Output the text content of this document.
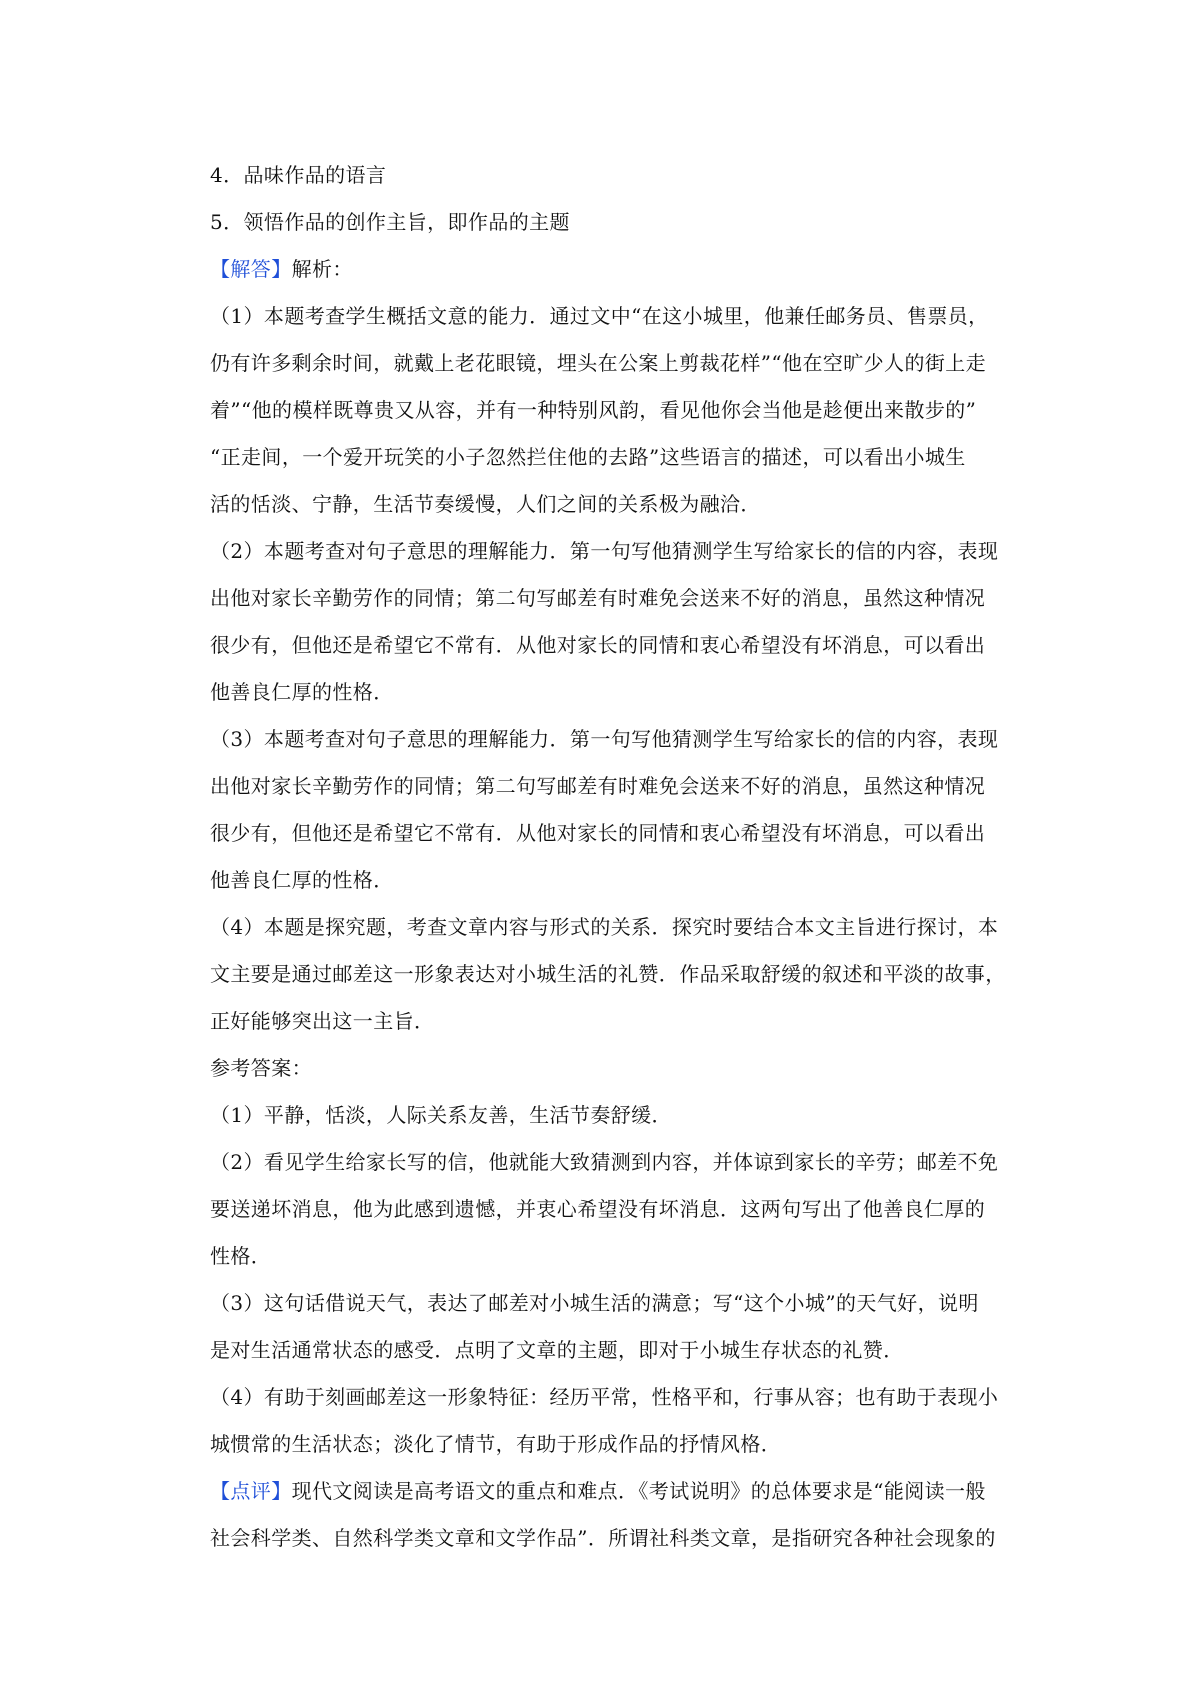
4．品味作品的语言
5．领悟作品的创作主旨，即作品的主题
【解答】解析：
（1）本题考查学生概括文意的能力．通过文中“在这小城里，他兼任邮务员、售票员，
仍有许多剩余时间，就戴上老花眼镜，埋头在公案上剪裁花样”“他在空旷少人的街上走
着”“他的模样既尊贵又从容，并有一种特别风韵，看见他你会当他是趁便出来散步的”
“正走间，一个爱开玩笑的小子忽然拦住他的去路”这些语言的描述，可以看出小城生
活的恬淡、宁静，生活节奏缓慢，人们之间的关系极为融洽．
（2）本题考查对句子意思的理解能力．第一句写他猜测学生写给家长的信的内容，表现
出他对家长辛勤劳作的同情；第二句写邮差有时难免会送来不好的消息，虽然这种情况
很少有，但他还是希望它不常有．从他对家长的同情和衷心希望没有坏消息，可以看出
他善良仁厚的性格．
（3）本题考查对句子意思的理解能力．第一句写他猜测学生写给家长的信的内容，表现
出他对家长辛勤劳作的同情；第二句写邮差有时难免会送来不好的消息，虽然这种情况
很少有，但他还是希望它不常有．从他对家长的同情和衷心希望没有坏消息，可以看出
他善良仁厚的性格．
（4）本题是探究题，考查文章内容与形式的关系．探究时要结合本文主旨进行探讨，本
文主要是通过邮差这一形象表达对小城生活的礼赞．作品采取舒缓的叙述和平淡的故事，
正好能够突出这一主旨．
参考答案：
（1）平静，恬淡，人际关系友善，生活节奏舒缓．
（2）看见学生给家长写的信，他就能大致猜测到内容，并体谅到家长的辛劳；邮差不免
要送递坏消息，他为此感到遗憾，并衷心希望没有坏消息．这两句写出了他善良仁厚的
性格．
（3）这句话借说天气，表达了邮差对小城生活的满意；写“这个小城”的天气好，说明
是对生活通常状态的感受．点明了文章的主题，即对于小城生存状态的礼赞．
（4）有助于刻画邮差这一形象特征：经历平常，性格平和，行事从容；也有助于表现小
城惯常的生活状态；淡化了情节，有助于形成作品的抒情风格．
【点评】现代文阅读是高考语文的重点和难点．《考试说明》的总体要求是“能阅读一般
社会科学类、自然科学类文章和文学作品”．所谓社科类文章，是指研究各种社会现象的
